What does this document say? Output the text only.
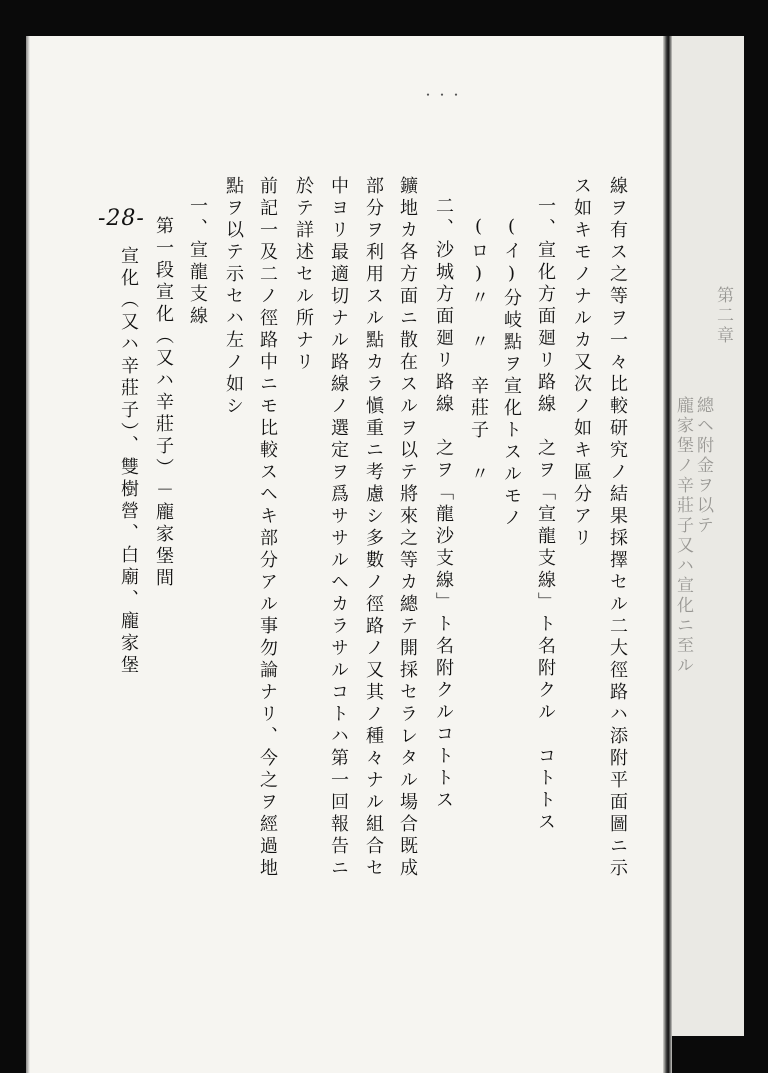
・・・
-28-	線ヲ有ス之等ヲ一々比較研究ノ結果採擇セル二大徑路ハ添附平面圖ニ示
ス如キモノナルカ又次ノ如キ區分アリ
一、宣化方面廻リ路線　之ヲ「宣龍支線」ト名附クル　コトトス
(イ)分岐點ヲ宣化トスルモノ
(ロ)〃　〃　辛莊子　〃
二、沙城方面廻リ路線　之ヲ「龍沙支線」ト名附クルコトトス
鑛地カ各方面ニ散在スルヲ以テ將來之等カ總テ開採セラレタル場合既成
部分ヲ利用スル點カラ愼重ニ考慮シ多數ノ徑路ノ又其ノ種々ナル組合セ
中ヨリ最適切ナル路線ノ選定ヲ爲ササルヘカラサルコトハ第一回報告ニ
於テ詳述セル所ナリ
前記一及二ノ徑路中ニモ比較スヘキ部分アル事勿論ナリ、今之ヲ經過地
點ヲ以テ示セハ左ノ如シ
一、宣龍支線
第一段宣化（又ハ辛莊子）－龐家堡間
宣化（又ハ辛莊子）、雙樹營、白廟、龐家堡	第二章
總ヘ附金ヲ以テ
龐家堡ノ辛莊子又ハ宣化ニ至ル
